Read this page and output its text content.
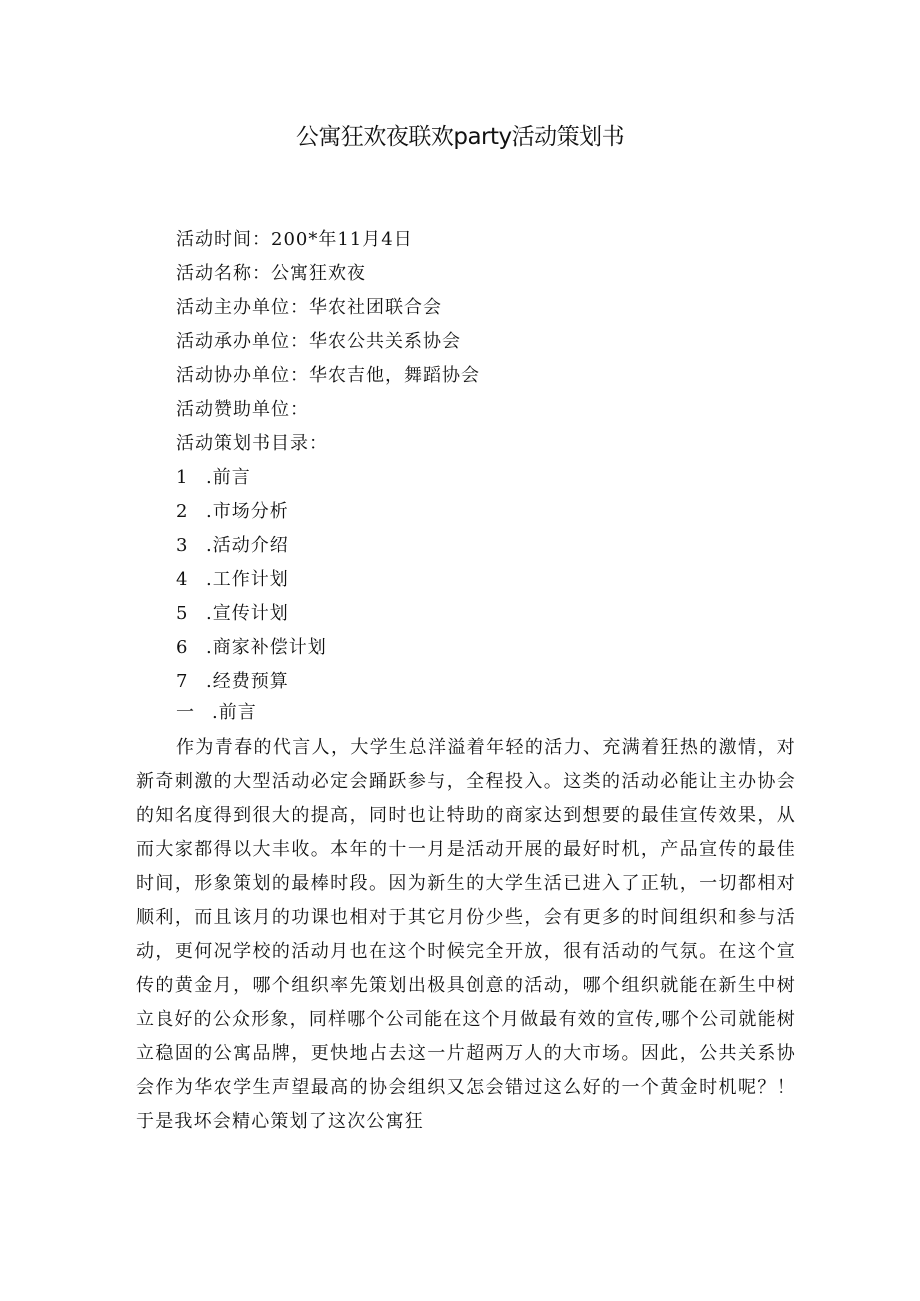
公寓狂欢夜联欢party活动策划书
活动时间：200*年11月4日
活动名称：公寓狂欢夜
活动主办单位：华农社团联合会
活动承办单位：华农公共关系协会
活动协办单位：华农吉他，舞蹈协会
活动赞助单位：
活动策划书目录：
1 .前言
2 .市场分析
3 .活动介绍
4 .工作计划
5 .宣传计划
6 .商家补偿计划
7 .经费预算
一 .前言
作为青春的代言人，大学生总洋溢着年轻的活力、充满着狂热的激情，对新奇刺激的大型活动必定会踊跃参与，全程投入。这类的活动必能让主办协会的知名度得到很大的提高，同时也让特助的商家达到想要的最佳宣传效果，从而大家都得以大丰收。本年的十一月是活动开展的最好时机，产品宣传的最佳时间，形象策划的最棒时段。因为新生的大学生活已进入了正轨，一切都相对顺利，而且该月的功课也相对于其它月份少些，会有更多的时间组织和参与活动，更何况学校的活动月也在这个时候完全开放，很有活动的气氛。在这个宣传的黄金月，哪个组织率先策划出极具创意的活动，哪个组织就能在新生中树立良好的公众形象，同样哪个公司能在这个月做最有效的宣传,哪个公司就能树立稳固的公寓品牌，更快地占去这一片超两万人的大市场。因此，公共关系协会作为华农学生声望最高的协会组织又怎会错过这么好的一个黄金时机呢？！于是我坏会精心策划了这次公寓狂
